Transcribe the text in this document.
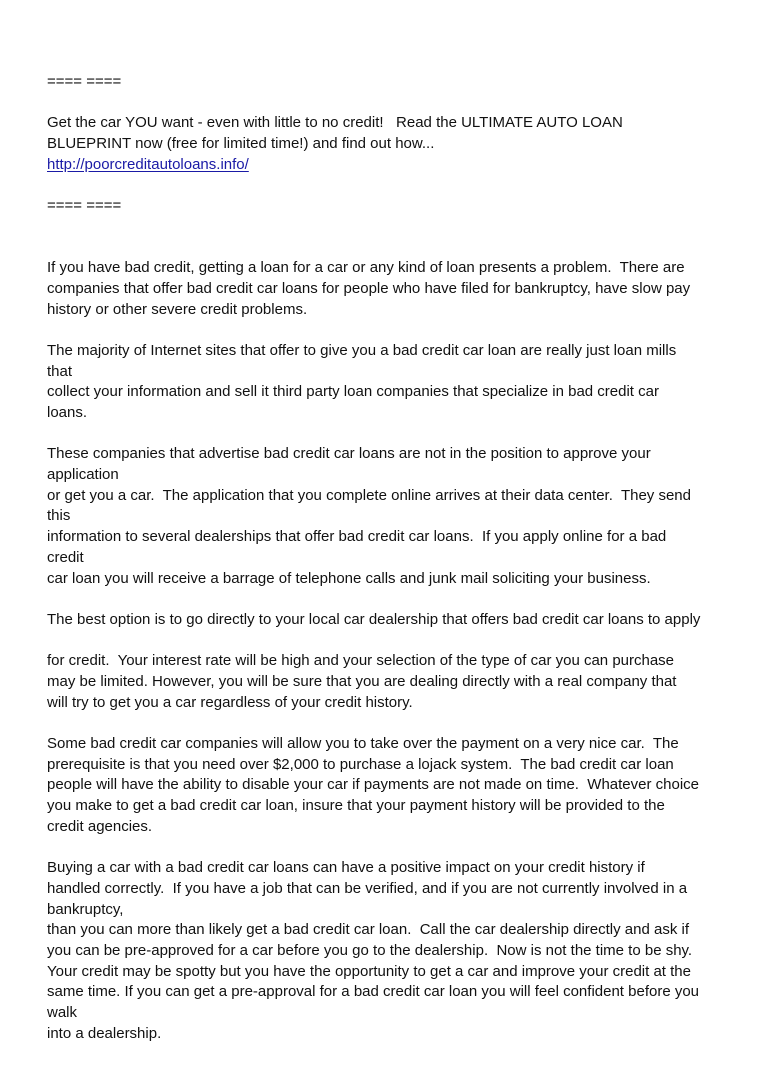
==== ====
Get the car YOU want - even with little to no credit!   Read the ULTIMATE AUTO LOAN
BLUEPRINT now (free for limited time!) and find out how...
http://poorcreditautoloans.info/
==== ====
If you have bad credit, getting a loan for a car or any kind of loan presents a problem.  There are
companies that offer bad credit car loans for people who have filed for bankruptcy, have slow pay
history or other severe credit problems.
The majority of Internet sites that offer to give you a bad credit car loan are really just loan mills
that
collect your information and sell it third party loan companies that specialize in bad credit car
loans.
These companies that advertise bad credit car loans are not in the position to approve your
application
or get you a car.  The application that you complete online arrives at their data center.  They send
this
information to several dealerships that offer bad credit car loans.  If you apply online for a bad
credit
car loan you will receive a barrage of telephone calls and junk mail soliciting your business.
The best option is to go directly to your local car dealership that offers bad credit car loans to apply
for credit.  Your interest rate will be high and your selection of the type of car you can purchase
may be limited. However, you will be sure that you are dealing directly with a real company that
will try to get you a car regardless of your credit history.
Some bad credit car companies will allow you to take over the payment on a very nice car.  The
prerequisite is that you need over $2,000 to purchase a lojack system.  The bad credit car loan
people will have the ability to disable your car if payments are not made on time.  Whatever choice
you make to get a bad credit car loan, insure that your payment history will be provided to the
credit agencies.
Buying a car with a bad credit car loans can have a positive impact on your credit history if
handled correctly.  If you have a job that can be verified, and if you are not currently involved in a
bankruptcy,
than you can more than likely get a bad credit car loan.  Call the car dealership directly and ask if
you can be pre-approved for a car before you go to the dealership.  Now is not the time to be shy.
Your credit may be spotty but you have the opportunity to get a car and improve your credit at the
same time. If you can get a pre-approval for a bad credit car loan you will feel confident before you
walk
into a dealership.
